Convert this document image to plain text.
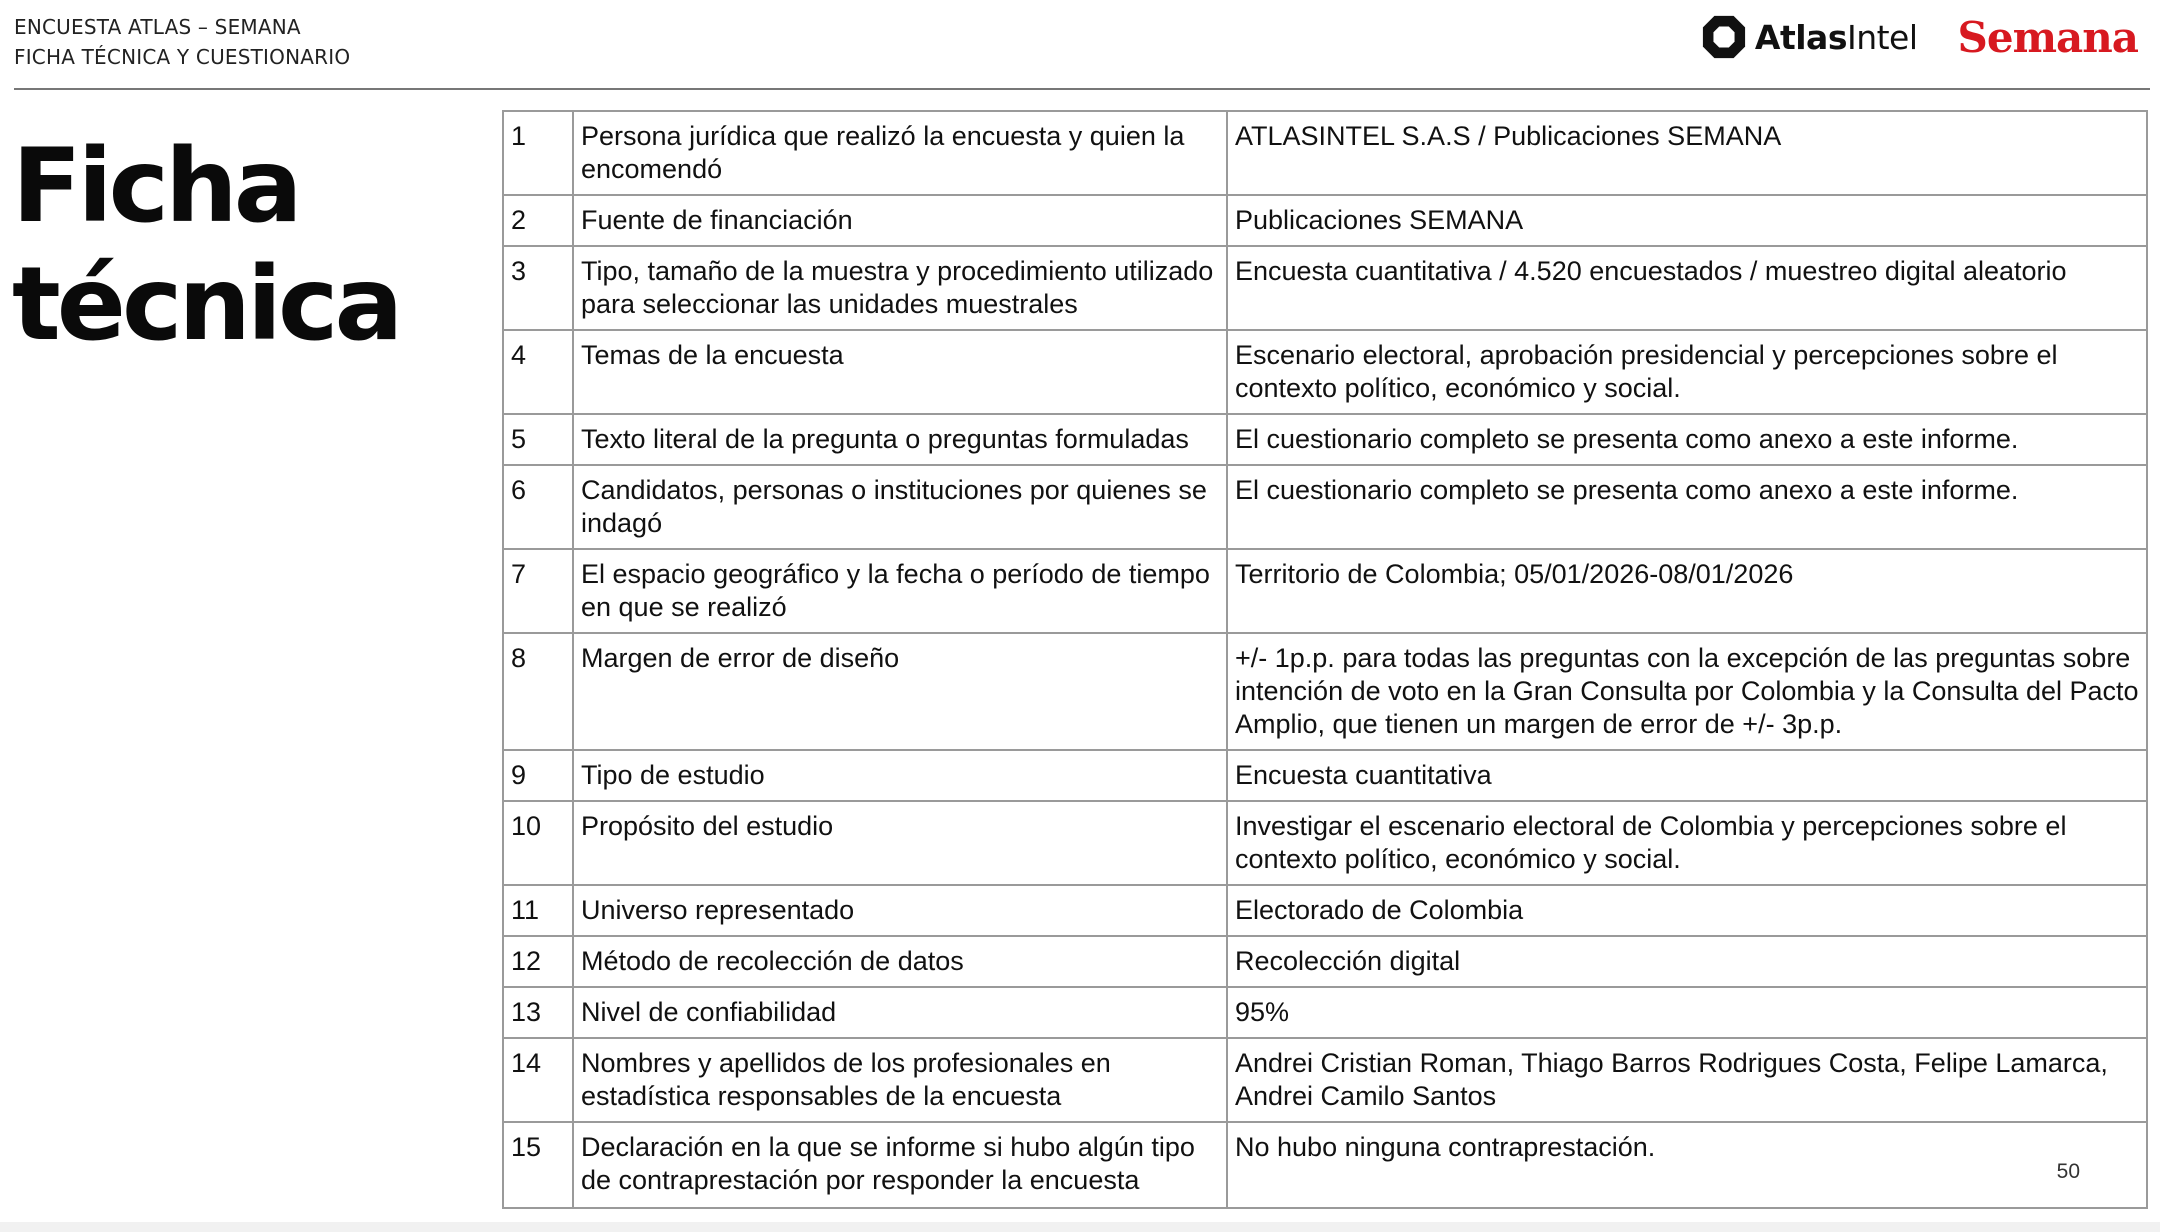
ENCUESTA ATLAS – SEMANA
FICHA TÉCNICA Y CUESTIONARIO
AtlasIntel Semana
Ficha
técnica
1	Persona jurídica que realizó la encuesta y quien la encomendó	ATLASINTEL S.A.S / Publicaciones SEMANA
2	Fuente de financiación	Publicaciones SEMANA
3	Tipo, tamaño de la muestra y procedimiento utilizado para seleccionar las unidades muestrales	Encuesta cuantitativa / 4.520 encuestados / muestreo digital aleatorio
4	Temas de la encuesta	Escenario electoral, aprobación presidencial y percepciones sobre el contexto político, económico y social.
5	Texto literal de la pregunta o preguntas formuladas	El cuestionario completo se presenta como anexo a este informe.
6	Candidatos, personas o instituciones por quienes se indagó	El cuestionario completo se presenta como anexo a este informe.
7	El espacio geográfico y la fecha o período de tiempo en que se realizó	Territorio de Colombia; 05/01/2026-08/01/2026
8	Margen de error de diseño	+/- 1p.p. para todas las preguntas con la excepción de las preguntas sobre intención de voto en la Gran Consulta por Colombia y la Consulta del Pacto Amplio, que tienen un margen de error de +/- 3p.p.
9	Tipo de estudio	Encuesta cuantitativa
10	Propósito del estudio	Investigar el escenario electoral de Colombia y percepciones sobre el contexto político, económico y social.
11	Universo representado	Electorado de Colombia
12	Método de recolección de datos	Recolección digital
13	Nivel de confiabilidad	95%
14	Nombres y apellidos de los profesionales en estadística responsables de la encuesta	Andrei Cristian Roman, Thiago Barros Rodrigues Costa, Felipe Lamarca, Andrei Camilo Santos
15	Declaración en la que se informe si hubo algún tipo de contraprestación por responder la encuesta	No hubo ninguna contraprestación.
50
